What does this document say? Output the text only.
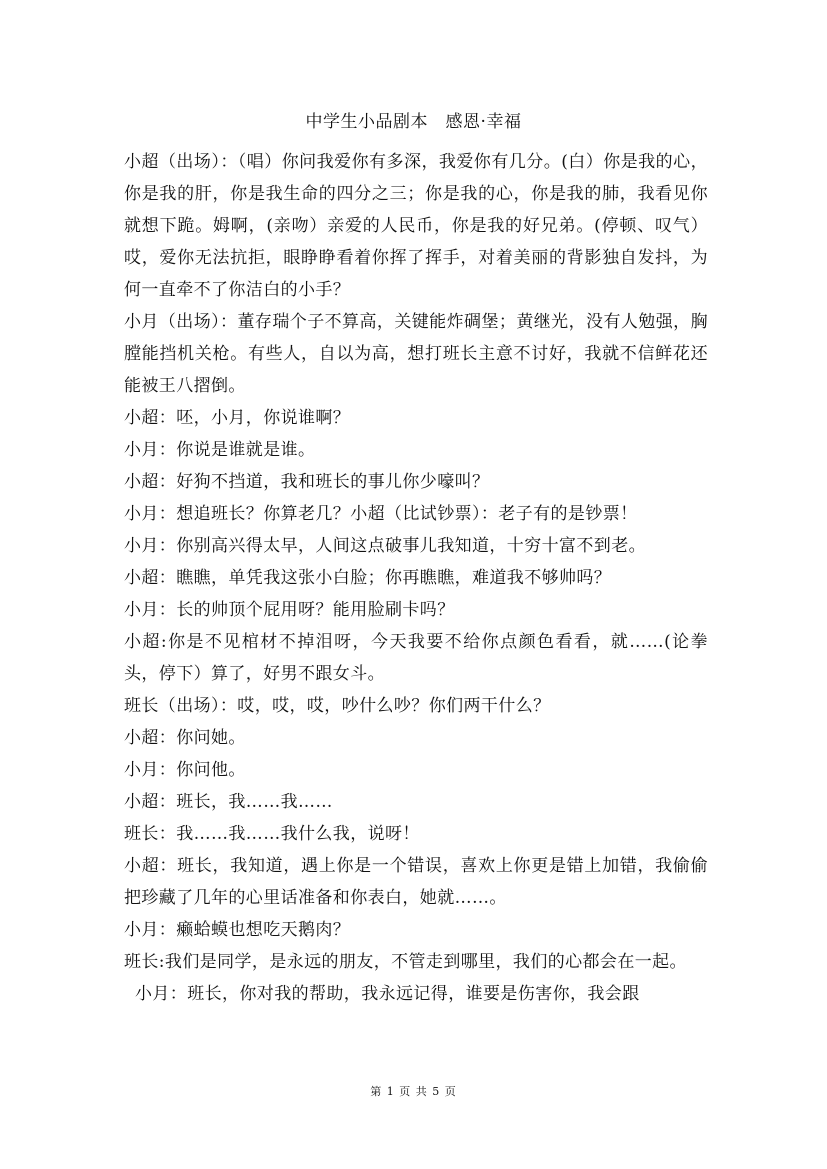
中学生小品剧本　感恩·幸福

小超（出场）：（唱）你问我爱你有多深，我爱你有几分。(白）你是我的心，你是我的肝，你是我生命的四分之三；你是我的心，你是我的肺，我看见你就想下跪。姆啊，(亲吻）亲爱的人民币，你是我的好兄弟。(停顿、叹气）哎，爱你无法抗拒，眼睁睁看着你挥了挥手，对着美丽的背影独自发抖，为何一直牵不了你洁白的小手？

小月（出场）：董存瑞个子不算高，关键能炸碉堡；黄继光，没有人勉强，胸膛能挡机关枪。有些人，自以为高，想打班长主意不讨好，我就不信鲜花还能被王八摺倒。

小超：呸，小月，你说谁啊？

小月：你说是谁就是谁。

小超：好狗不挡道，我和班长的事儿你少嚎叫？

小月：想追班长？你算老几？小超（比试钞票）：老子有的是钞票！

小月：你别高兴得太早，人间这点破事儿我知道，十穷十富不到老。

小超：瞧瞧，单凭我这张小白脸；你再瞧瞧，难道我不够帅吗？

小月：长的帅顶个屁用呀？能用脸刷卡吗？

小超:你是不见棺材不掉泪呀，今天我要不给你点颜色看看，就……(论拳头，停下）算了，好男不跟女斗。

班长（出场）：哎，哎，哎，吵什么吵？你们两干什么？

小超：你问她。

小月：你问他。

小超：班长，我……我……

班长：我……我……我什么我，说呀！

小超：班长，我知道，遇上你是一个错误，喜欢上你更是错上加错，我偷偷把珍藏了几年的心里话准备和你表白，她就……。

小月：癞蛤蟆也想吃天鹅肉？

班长:我们是同学，是永远的朋友，不管走到哪里，我们的心都会在一起。

小月：班长，你对我的帮助，我永远记得，谁要是伤害你，我会跟

第 1 页 共 5 页
